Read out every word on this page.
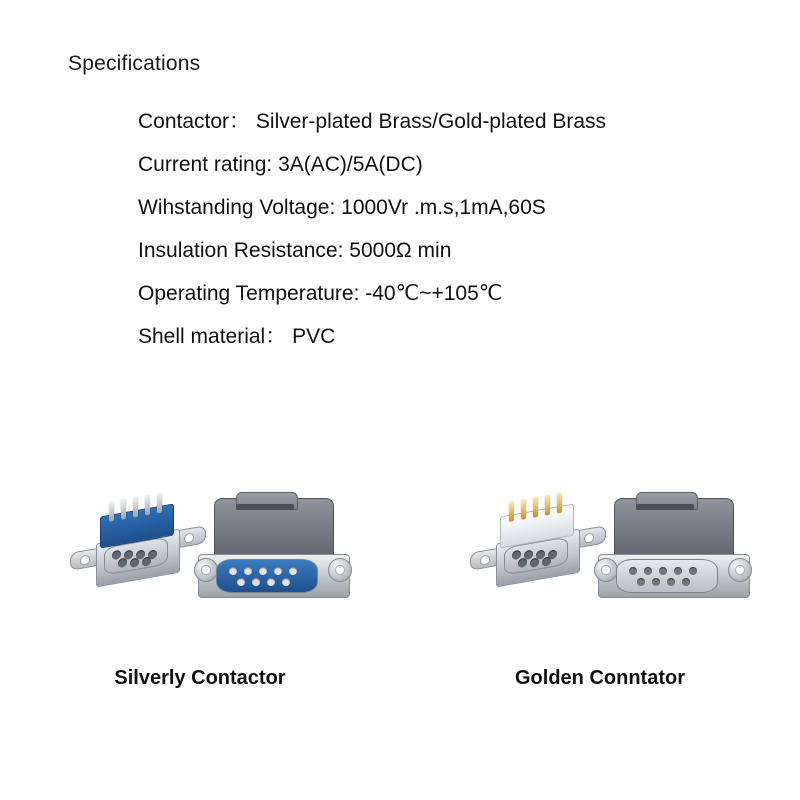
Specifications
Contactor： Silver-plated Brass/Gold-plated Brass
Current rating: 3A(AC)/5A(DC)
Wihstanding Voltage: 1000Vr .m.s,1mA,60S
Insulation Resistance: 5000Ω min
Operating Temperature: -40℃~+105℃
Shell material： PVC
Silverly Contactor	Golden Conntator
